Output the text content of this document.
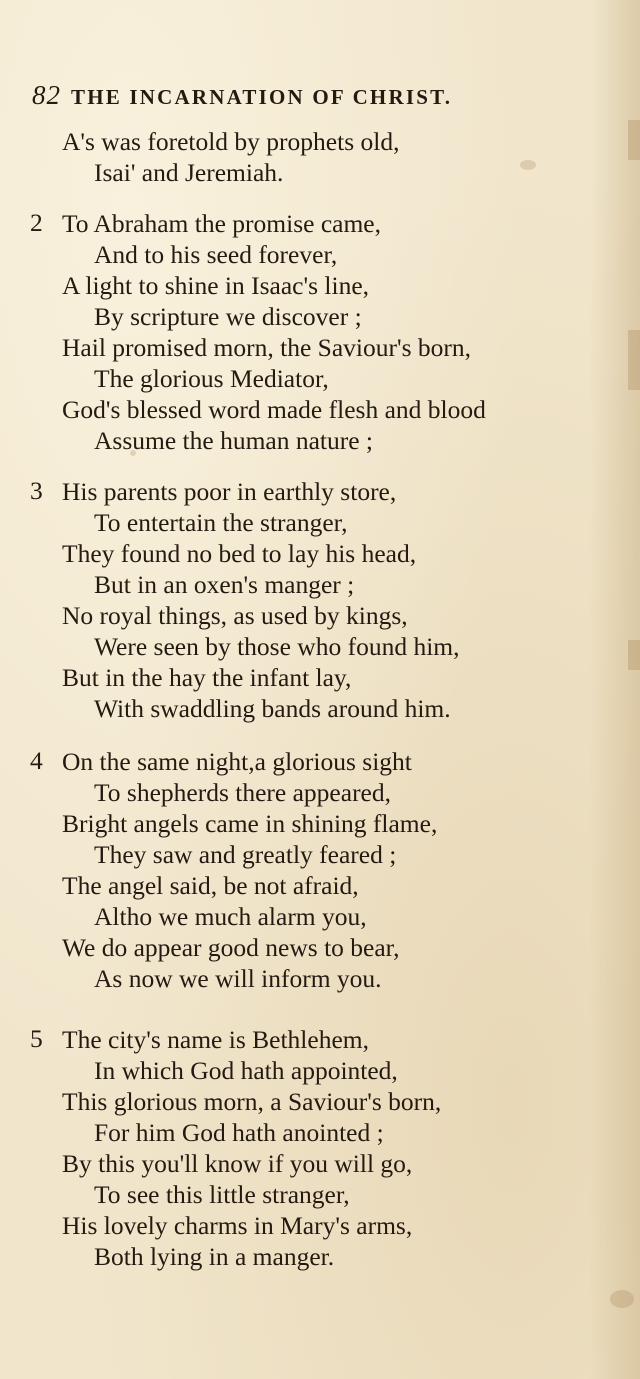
82 THE INCARNATION OF CHRIST.
A's was foretold by prophets old,
Isai' and Jeremiah.
2 To Abraham the promise came,
And to his seed forever,
A light to shine in Isaac's line,
By scripture we discover ;
Hail promised morn, the Saviour's born,
The glorious Mediator,
God's blessed word made flesh and blood
Assume the human nature ;
3 His parents poor in earthly store,
To entertain the stranger,
They found no bed to lay his head,
But in an oxen's manger ;
No royal things, as used by kings,
Were seen by those who found him,
But in the hay the infant lay,
With swaddling bands around him.
4 On the same night,a glorious sight
To shepherds there appeared,
Bright angels came in shining flame,
They saw and greatly feared ;
The angel said, be not afraid,
Altho we much alarm you,
We do appear good news to bear,
As now we will inform you.
5 The city's name is Bethlehem,
In which God hath appointed,
This glorious morn, a Saviour's born,
For him God hath anointed ;
By this you'll know if you will go,
To see this little stranger,
His lovely charms in Mary's arms,
Both lying in a manger.
